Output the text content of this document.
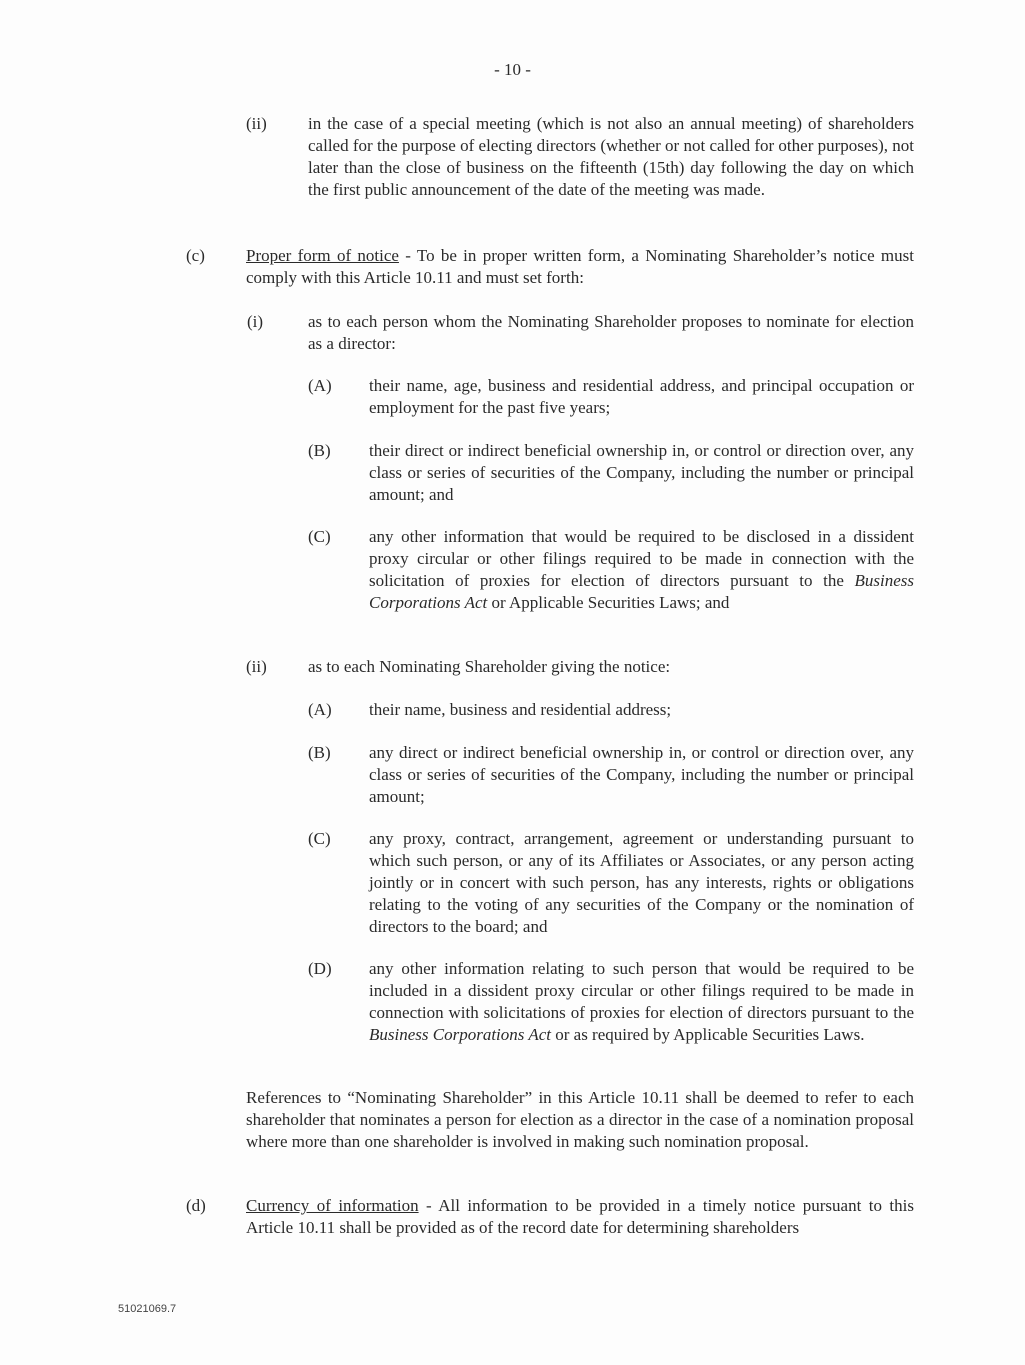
- 10 -
(ii) in the case of a special meeting (which is not also an annual meeting) of shareholders called for the purpose of electing directors (whether or not called for other purposes), not later than the close of business on the fifteenth (15th) day following the day on which the first public announcement of the date of the meeting was made.

(c) Proper form of notice - To be in proper written form, a Nominating Shareholder’s notice must comply with this Article 10.11 and must set forth:

(i)	as to each person whom the Nominating Shareholder proposes to nominate for election as a director:

(A) their name, age, business and residential address, and principal occupation or employment for the past five years;

(B) their direct or indirect beneficial ownership in, or control or direction over, any class or series of securities of the Company, including the number or principal amount; and

(C) any other information that would be required to be disclosed in a dissident proxy circular or other filings required to be made in connection with the solicitation of proxies for election of directors pursuant to the Business Corporations Act or Applicable Securities Laws; and

(ii) as to each Nominating Shareholder giving the notice:

(A) their name, business and residential address;

(B) any direct or indirect beneficial ownership in, or control or direction over, any class or series of securities of the Company, including the number or principal amount;

(C) any proxy, contract, arrangement, agreement or understanding pursuant to which such person, or any of its Affiliates or Associates, or any person acting jointly or in concert with such person, has any interests, rights or obligations relating to the voting of any securities of the Company or the nomination of directors to the board; and

(D) any other information relating to such person that would be required to be included in a dissident proxy circular or other filings required to be made in connection with solicitations of proxies for election of directors pursuant to the Business Corporations Act or as required by Applicable Securities Laws.

References to “Nominating Shareholder” in this Article 10.11 shall be deemed to refer to each shareholder that nominates a person for election as a director in the case of a nomination proposal where more than one shareholder is involved in making such nomination proposal.

(d) Currency of information - All information to be provided in a timely notice pursuant to this Article 10.11 shall be provided as of the record date for determining shareholders

51021069.7
